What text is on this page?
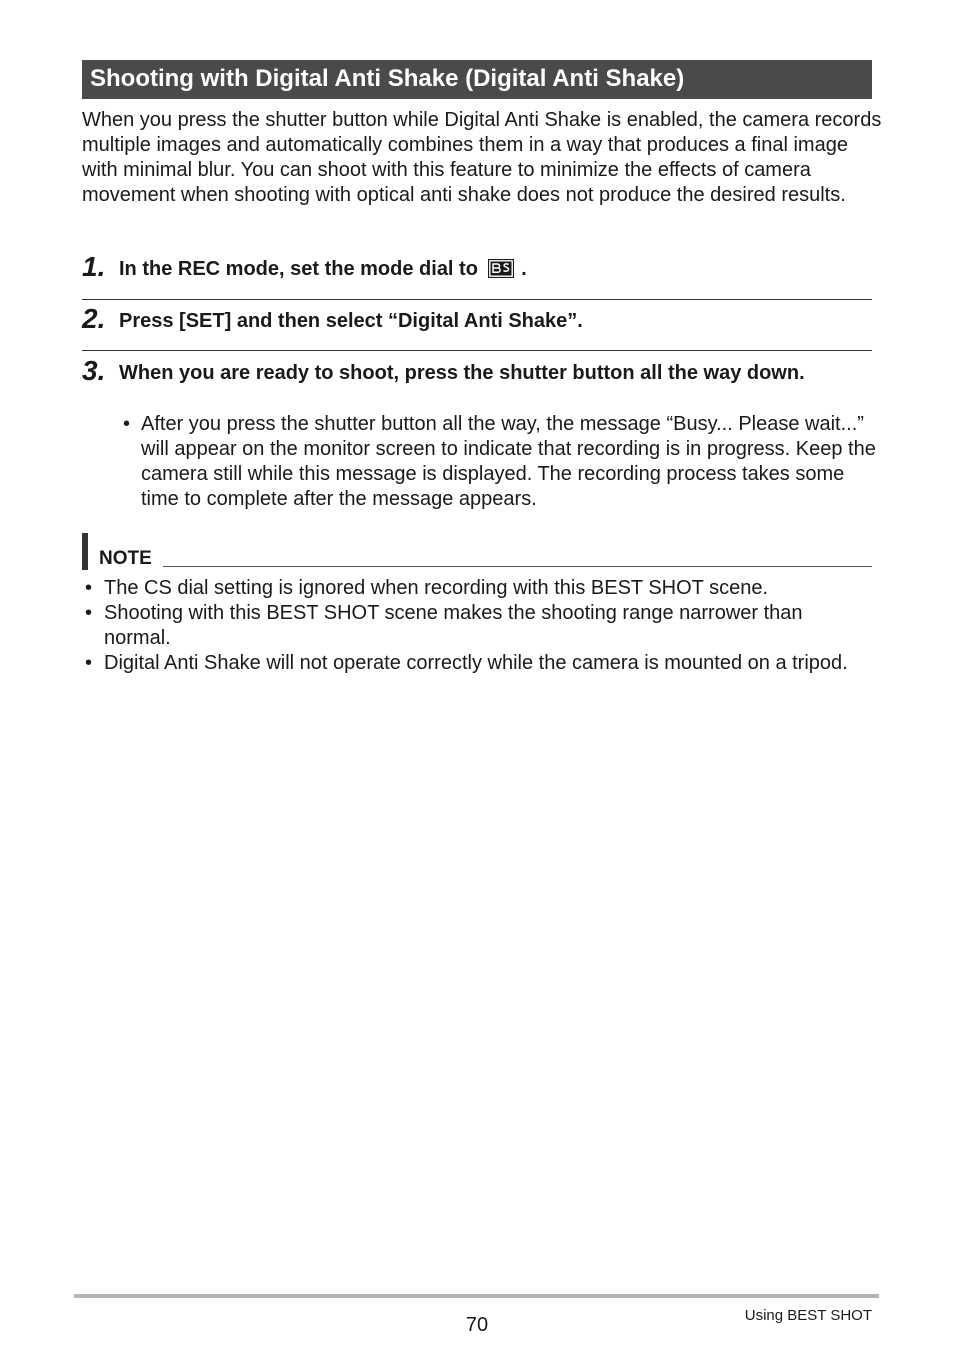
Shooting with Digital Anti Shake (Digital Anti Shake)

When you press the shutter button while Digital Anti Shake is enabled, the camera records multiple images and automatically combines them in a way that produces a final image with minimal blur. You can shoot with this feature to minimize the effects of camera movement when shooting with optical anti shake does not produce the desired results.

1. In the REC mode, set the mode dial to .
2. Press [SET] and then select “Digital Anti Shake”.
3. When you are ready to shoot, press the shutter button all the way down.
• After you press the shutter button all the way, the message “Busy... Please wait...” will appear on the monitor screen to indicate that recording is in progress. Keep the camera still while this message is displayed. The recording process takes some time to complete after the message appears.
NOTE
• The CS dial setting is ignored when recording with this BEST SHOT scene.
• Shooting with this BEST SHOT scene makes the shooting range narrower than normal.
• Digital Anti Shake will not operate correctly while the camera is mounted on a tripod.
70	Using BEST SHOT
